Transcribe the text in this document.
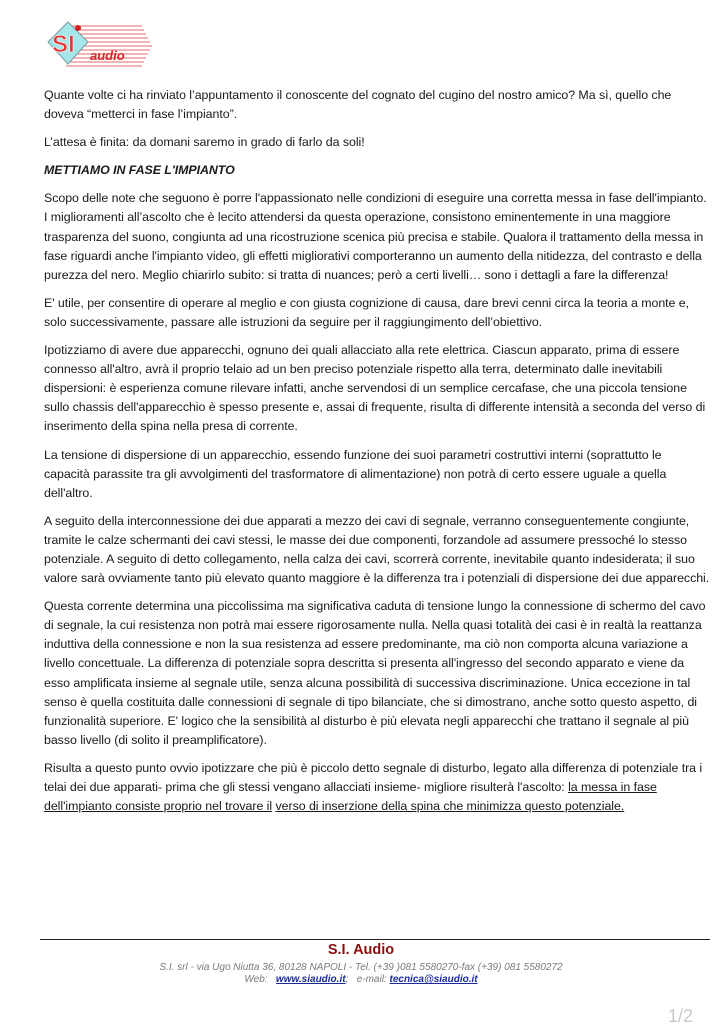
SI audio

Quante volte ci ha rinviato l’appuntamento il conoscente del cognato del cugino del nostro amico? Ma sì, quello che doveva “metterci in fase l’impianto”.

L’attesa è finita: da domani saremo in grado di farlo da soli!

METTIAMO IN FASE L'IMPIANTO

Scopo delle note che seguono è porre l'appassionato nelle condizioni di eseguire una corretta messa in fase dell'impianto. I miglioramenti all’ascolto che è lecito attendersi da questa operazione, consistono eminentemente in una maggiore trasparenza del suono, congiunta ad una ricostruzione scenica più precisa e stabile. Qualora il trattamento della messa in fase riguardi anche l'impianto video, gli effetti migliorativi comporteranno un aumento della nitidezza, del contrasto e della purezza del nero. Meglio chiarirlo subito: si tratta di nuances; però a certi livelli… sono i dettagli a fare la differenza!

E' utile, per consentire di operare al meglio e con giusta cognizione di causa, dare brevi cenni circa la teoria a monte e, solo successivamente, passare alle istruzioni da seguire per il raggiungimento dell’obiettivo.

Ipotizziamo di avere due apparecchi, ognuno dei quali allacciato alla rete elettrica. Ciascun apparato, prima di essere connesso all'altro, avrà il proprio telaio ad un ben preciso potenziale rispetto alla terra, determinato dalle inevitabili dispersioni: è esperienza comune rilevare infatti, anche servendosi di un semplice cercafase, che una piccola tensione sullo chassis dell'apparecchio è spesso presente e, assai di frequente, risulta di differente intensità a seconda del verso di inserimento della spina nella presa di corrente.

La tensione di dispersione di un apparecchio, essendo funzione dei suoi parametri costruttivi interni (soprattutto le capacità parassite tra gli avvolgimenti del trasformatore di alimentazione) non potrà di certo essere uguale a quella dell'altro.

A seguito della interconnessione dei due apparati a mezzo dei cavi di segnale, verranno conseguentemente congiunte, tramite le calze schermanti dei cavi stessi, le masse dei due componenti, forzandole ad assumere pressoché lo stesso potenziale. A seguito di detto collegamento, nella calza dei cavi, scorrerà corrente, inevitabile quanto indesiderata; il suo valore sarà ovviamente tanto più elevato quanto maggiore è la differenza tra i potenziali di dispersione dei due apparecchi.

Questa corrente determina una piccolissima ma significativa caduta di tensione lungo la connessione di schermo del cavo di segnale, la cui resistenza non potrà mai essere rigorosamente nulla. Nella quasi totalità dei casi è in realtà la reattanza induttiva della connessione e non la sua resistenza ad essere predominante, ma ciò non comporta alcuna variazione a livello concettuale. La differenza di potenziale sopra descritta si presenta all'ingresso del secondo apparato e viene da esso amplificata insieme al segnale utile, senza alcuna possibilità di successiva discriminazione. Unica eccezione in tal senso è quella costituita dalle connessioni di segnale di tipo bilanciate, che si dimostrano, anche sotto questo aspetto, di funzionalità superiore. E' logico che la sensibilità al disturbo è più elevata negli apparecchi che trattano il segnale al più basso livello (di solito il preamplificatore).

Risulta a questo punto ovvio ipotizzare che più è piccolo detto segnale di disturbo, legato alla differenza di potenziale tra i telai dei due apparati- prima che gli stessi vengano allacciati insieme- migliore risulterà l'ascolto: la messa in fase dell'impianto consiste proprio nel trovare il verso di inserzione della spina che minimizza questo potenziale.

S.I. Audio
S.I. srl - via Ugo Niutta 36, 80128 NAPOLI - Tel. (+39 )081 5580270-fax (+39) 081 5580272
Web: www.siaudio.it; e-mail: tecnica@siaudio.it
1/2
